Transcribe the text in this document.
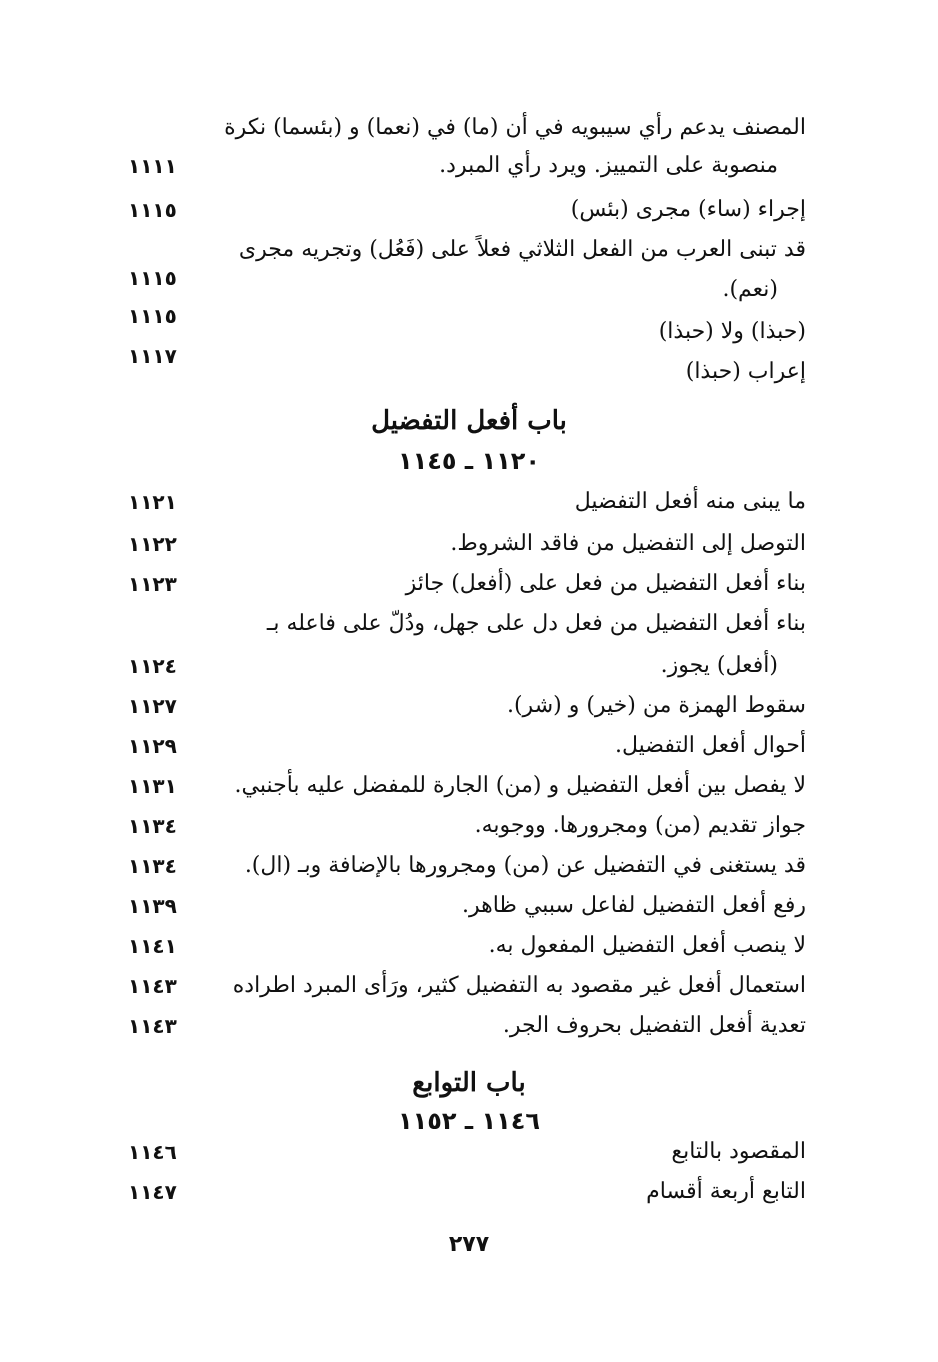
المصنف يدعم رأي سيبويه في أن (ما) في (نعما) و (بئسما) نكرة
منصوبة على التمييز. ويرد رأي المبرد.
١١١١
إجراء (ساء) مجرى (بئس)
١١١٥
قد تبنى العرب من الفعل الثلاثي فعلاً على (فَعُل) وتجريه مجرى
(نعم).
١١١٥
(حبذا) ولا (حبذا)
١١١٥
إعراب (حبذا)
١١١٧
باب أفعل التفضيل
١١٢٠ ـ ١١٤٥
ما يبنى منه أفعل التفضيل
١١٢١
التوصل إلى التفضيل من فاقد الشروط.
١١٢٢
بناء أفعل التفضيل من فعل على (أفعل) جائز
١١٢٣
بناء أفعل التفضيل من فعل دل على جهل، ودُلّ على فاعله بـ
(أفعل) يجوز.
١١٢٤
سقوط الهمزة من (خير) و (شر).
١١٢٧
أحوال أفعل التفضيل.
١١٢٩
لا يفصل بين أفعل التفضيل و (من) الجارة للمفضل عليه بأجنبي.
١١٣١
جواز تقديم (من) ومجرورها. ووجوبه.
١١٣٤
قد يستغنى في التفضيل عن (من) ومجرورها بالإضافة وبـ (ال).
١١٣٤
رفع أفعل التفضيل لفاعل سببي ظاهر.
١١٣٩
لا ينصب أفعل التفضيل المفعول به.
١١٤١
استعمال أفعل غير مقصود به التفضيل كثير، ورَأى المبرد اطراده
١١٤٣
تعدية أفعل التفضيل بحروف الجر.
١١٤٣
باب التوابع
١١٤٦ ـ ١١٥٢
المقصود بالتابع
١١٤٦
التابع أربعة أقسام
١١٤٧
٢٧٧
